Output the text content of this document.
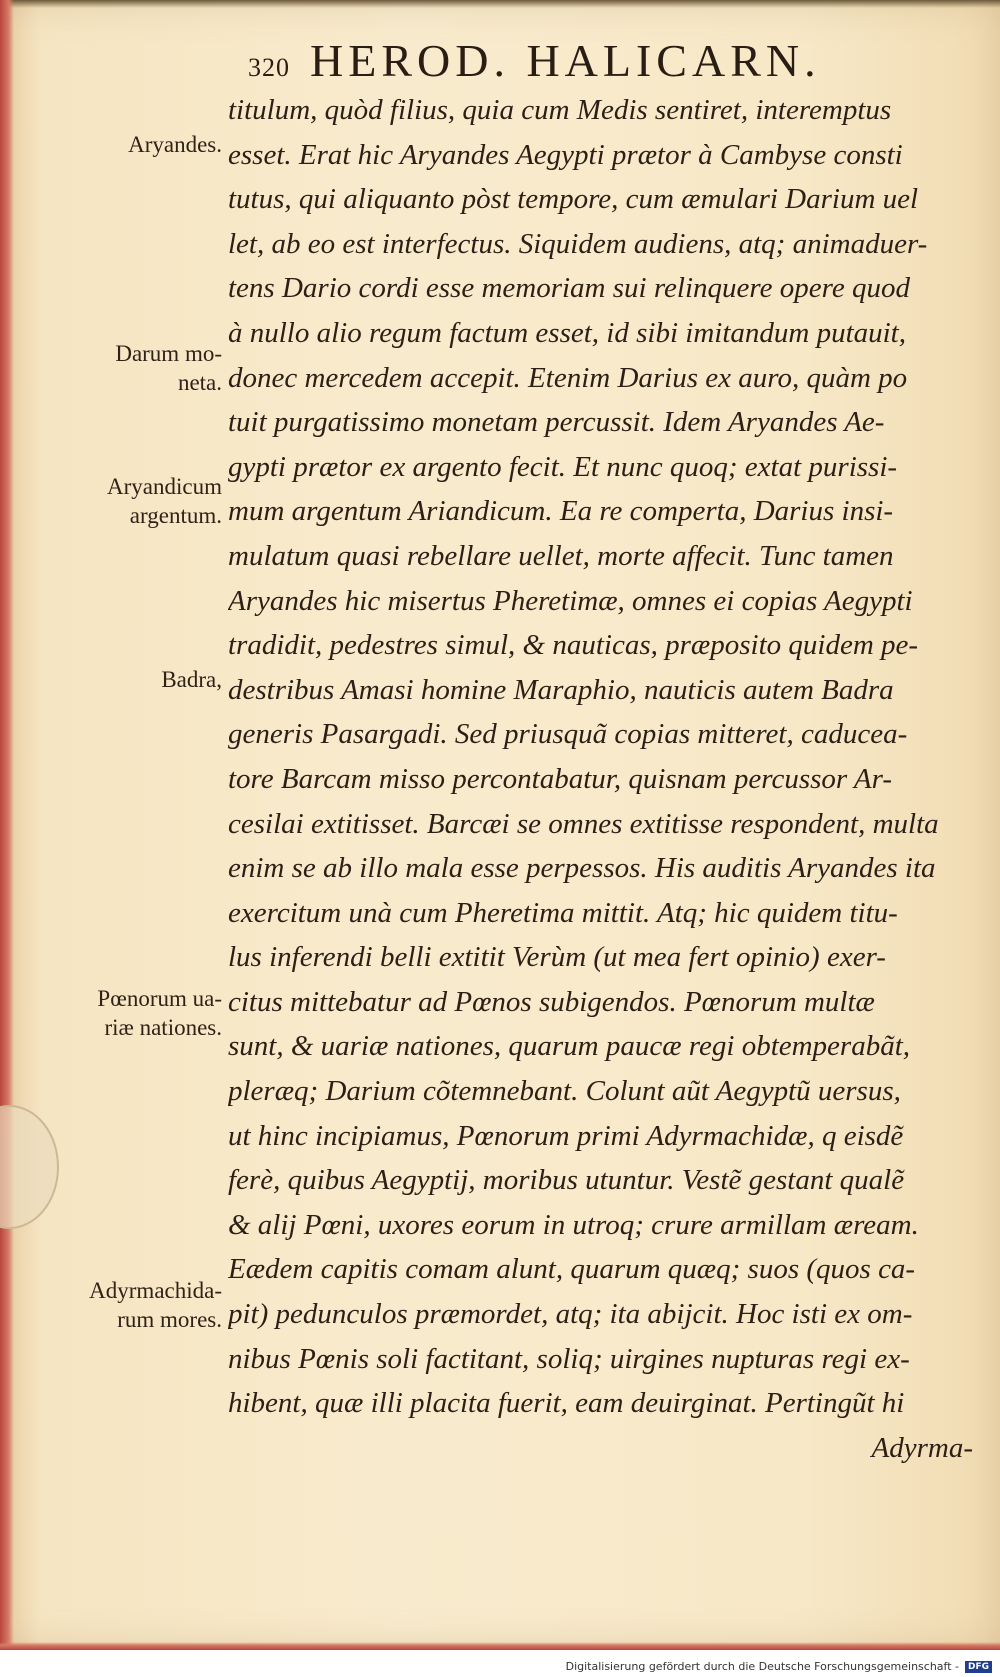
320 HEROD. HALICARN.
Aryandes.
Darum mo-
neta.
Aryandicum
argentum.
Badra,
Pœnorum ua-
riæ nationes.
Adyrmachida-
rum mores.
titulum, quòd filius, quia cum Medis sentiret, interemptus
esset. Erat hic Aryandes Aegypti prætor à Cambyse consti
tutus, qui aliquanto pòst tempore, cum æmulari Darium uel
let, ab eo est interfectus. Siquidem audiens, atq; animaduer-
tens Dario cordi esse memoriam sui relinquere opere quod
à nullo alio regum factum esset, id sibi imitandum putauit,
donec mercedem accepit. Etenim Darius ex auro, quàm po
tuit purgatissimo monetam percussit. Idem Aryandes Ae-
gypti prætor ex argento fecit. Et nunc quoq; extat purissi-
mum argentum Ariandicum. Ea re comperta, Darius insi-
mulatum quasi rebellare uellet, morte affecit. Tunc tamen
Aryandes hic misertus Pheretimæ, omnes ei copias Aegypti
tradidit, pedestres simul, & nauticas, præposito quidem pe-
destribus Amasi homine Maraphio, nauticis autem Badra
generis Pasargadi. Sed priusquã copias mitteret, caducea-
tore Barcam misso percontabatur, quisnam percussor Ar-
cesilai extitisset. Barcæi se omnes extitisse respondent, multa
enim se ab illo mala esse perpessos. His auditis Aryandes ita
exercitum unà cum Pheretima mittit. Atq; hic quidem titu-
lus inferendi belli extitit Verùm (ut mea fert opinio) exer-
citus mittebatur ad Pœnos subigendos. Pœnorum multæ
sunt, & uariæ nationes, quarum paucæ regi obtemperabãt,
pleræq; Darium cõtemnebant. Colunt aũt Aegyptũ uersus,
ut hinc incipiamus, Pœnorum primi Adyrmachidæ, q eisdẽ
ferè, quibus Aegyptij, moribus utuntur. Vestẽ gestant qualẽ
& alij Pœni, uxores eorum in utroq; crure armillam æream.
Eædem capitis comam alunt, quarum quæq; suos (quos ca-
pit) pedunculos præmordet, atq; ita abijcit. Hoc isti ex om-
nibus Pœnis soli factitant, soliq; uirgines nupturas regi ex-
hibent, quæ illi placita fuerit, eam deuirginat. Pertingũt hi
Adyrma-
Digitalisierung gefördert durch die Deutsche Forschungsgemeinschaft -	DFG
